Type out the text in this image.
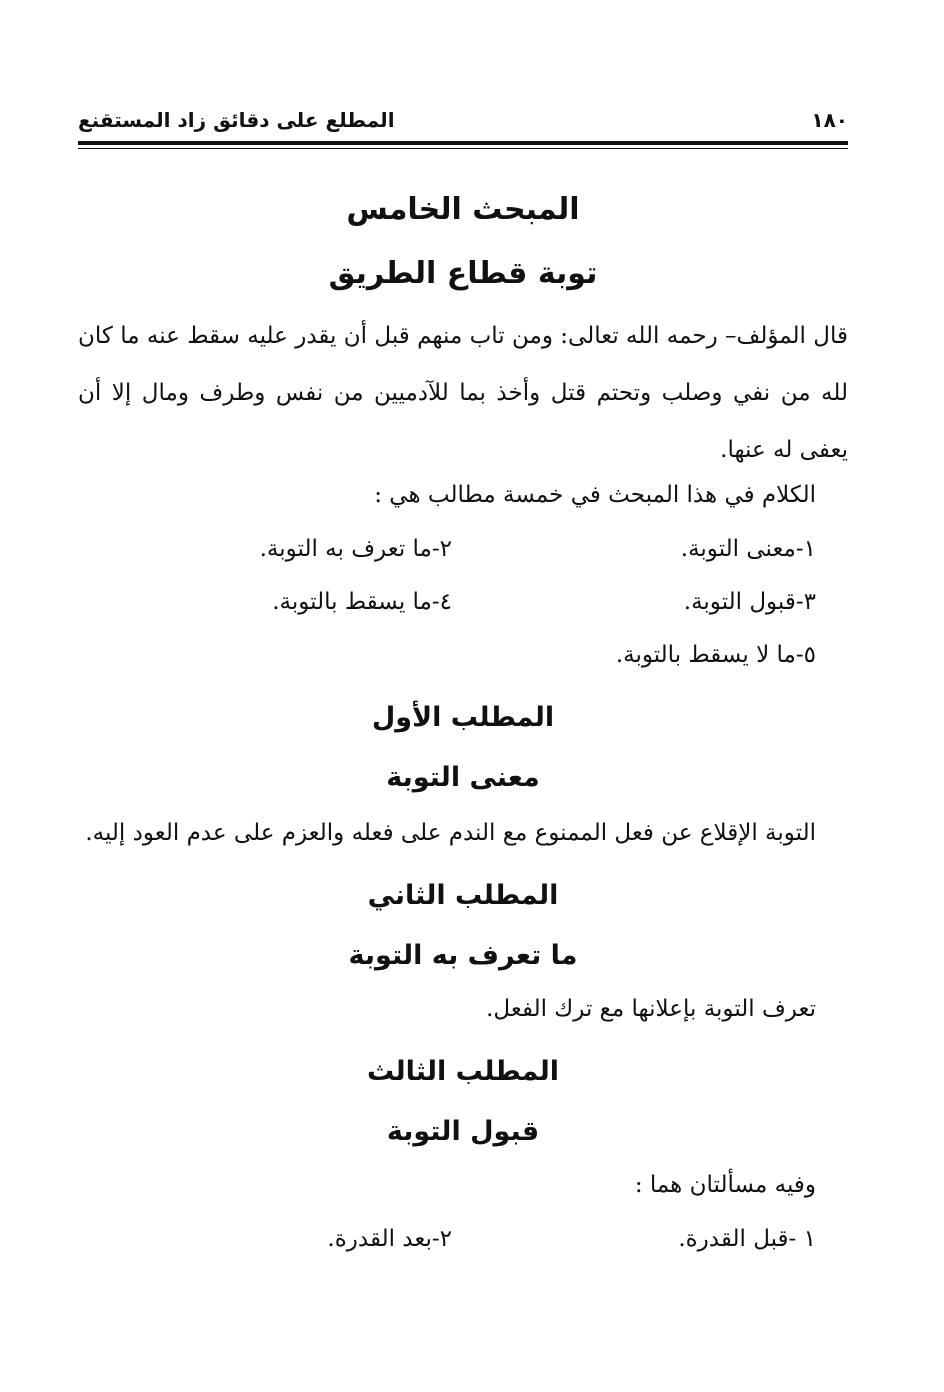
١٨٠
المطلع على دقائق زاد المستقنع
المبحث الخامس
توبة قطاع الطريق
قال المؤلف– رحمه الله تعالى: ومن تاب منهم قبل أن يقدر عليه سقط عنه ما كان لله من نفي وصلب وتحتم قتل وأخذ بما للآدميين من نفس وطرف ومال إلا أن يعفى له عنها.
الكلام في هذا المبحث في خمسة مطالب هي :
١-معنى التوبة.
٢-ما تعرف به التوبة.
٣-قبول التوبة.
٤-ما يسقط بالتوبة.
٥-ما لا يسقط بالتوبة.
المطلب الأول
معنى التوبة
التوبة الإقلاع عن فعل الممنوع مع الندم على فعله والعزم على عدم العود إليه.
المطلب الثاني
ما تعرف به التوبة
تعرف التوبة بإعلانها مع ترك الفعل.
المطلب الثالث
قبول التوبة
وفيه مسألتان هما :
١ -قبل القدرة.
٢-بعد القدرة.
